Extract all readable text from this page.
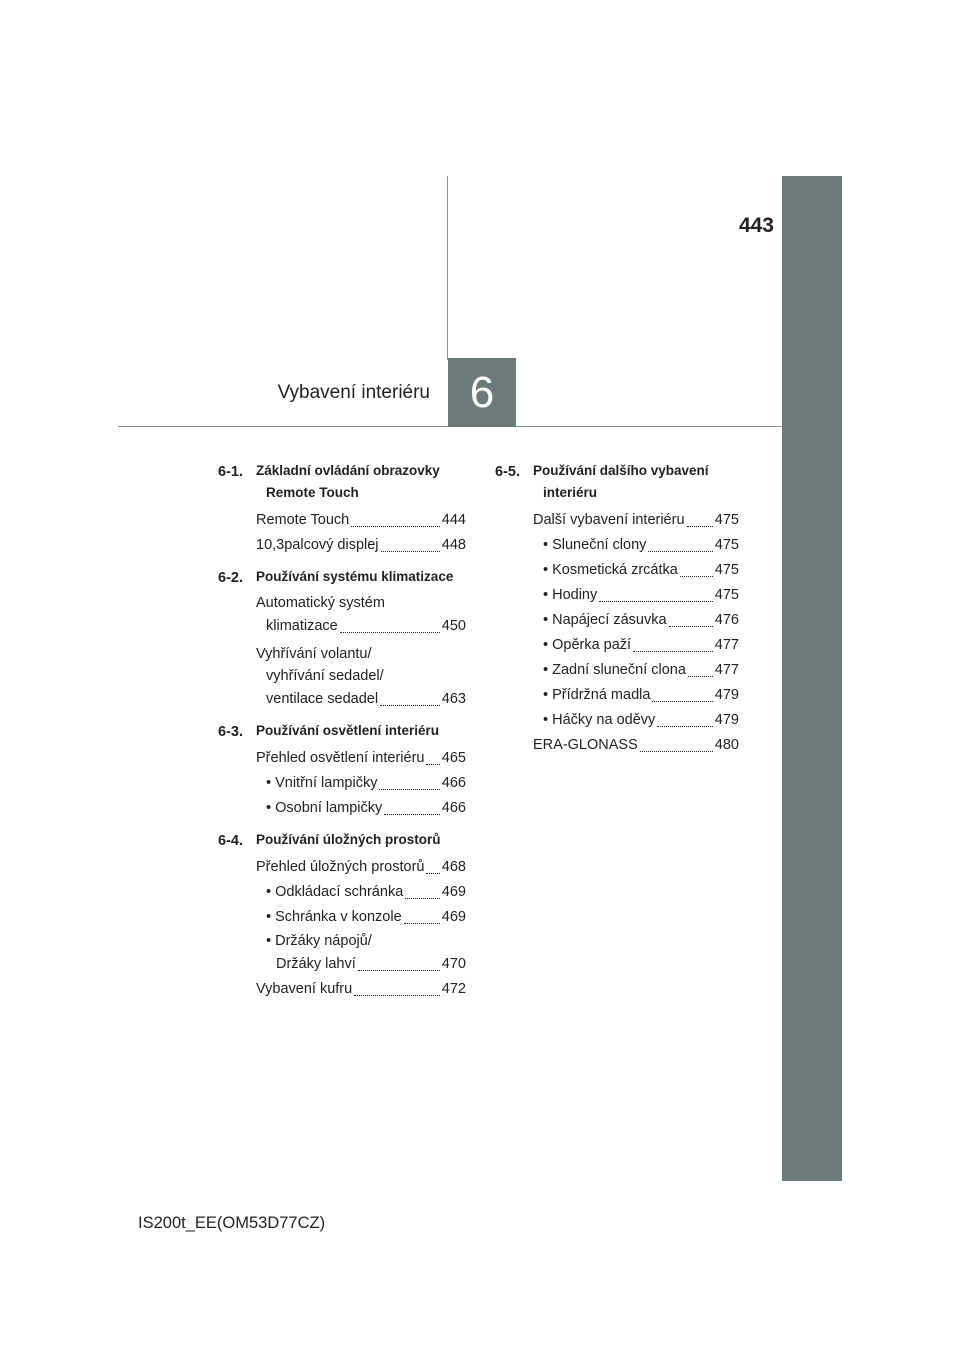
443
Vybavení interiéru 6
6-1. Základní ovládání obrazovky
Remote Touch
Remote Touch	444
10,3palcový displej	448
6-2. Používání systému klimatizace
Automatický systém
klimatizace	450
Vyhřívání volantu/
vyhřívání sedadel/
ventilace sedadel	463
6-3. Používání osvětlení interiéru
Přehled osvětlení interiéru 465
• Vnitřní lampičky	466
• Osobní lampičky	466
6-4. Používání úložných prostorů
Přehled úložných prostorů 468
• Odkládací schránka	469
• Schránka v konzole	469
• Držáky nápojů/
Držáky lahví	470
Vybavení kufru	472
6-5. Používání dalšího vybavení
interiéru
Další vybavení interiéru 475
• Sluneční clony	475
• Kosmetická zrcátka	475
• Hodiny	475
• Napájecí zásuvka	476
• Opěrka paží	477
• Zadní sluneční clona 477
• Přídržná madla	479
• Háčky na oděvy	479
ERA-GLONASS	480
IS200t_EE(OM53D77CZ)
